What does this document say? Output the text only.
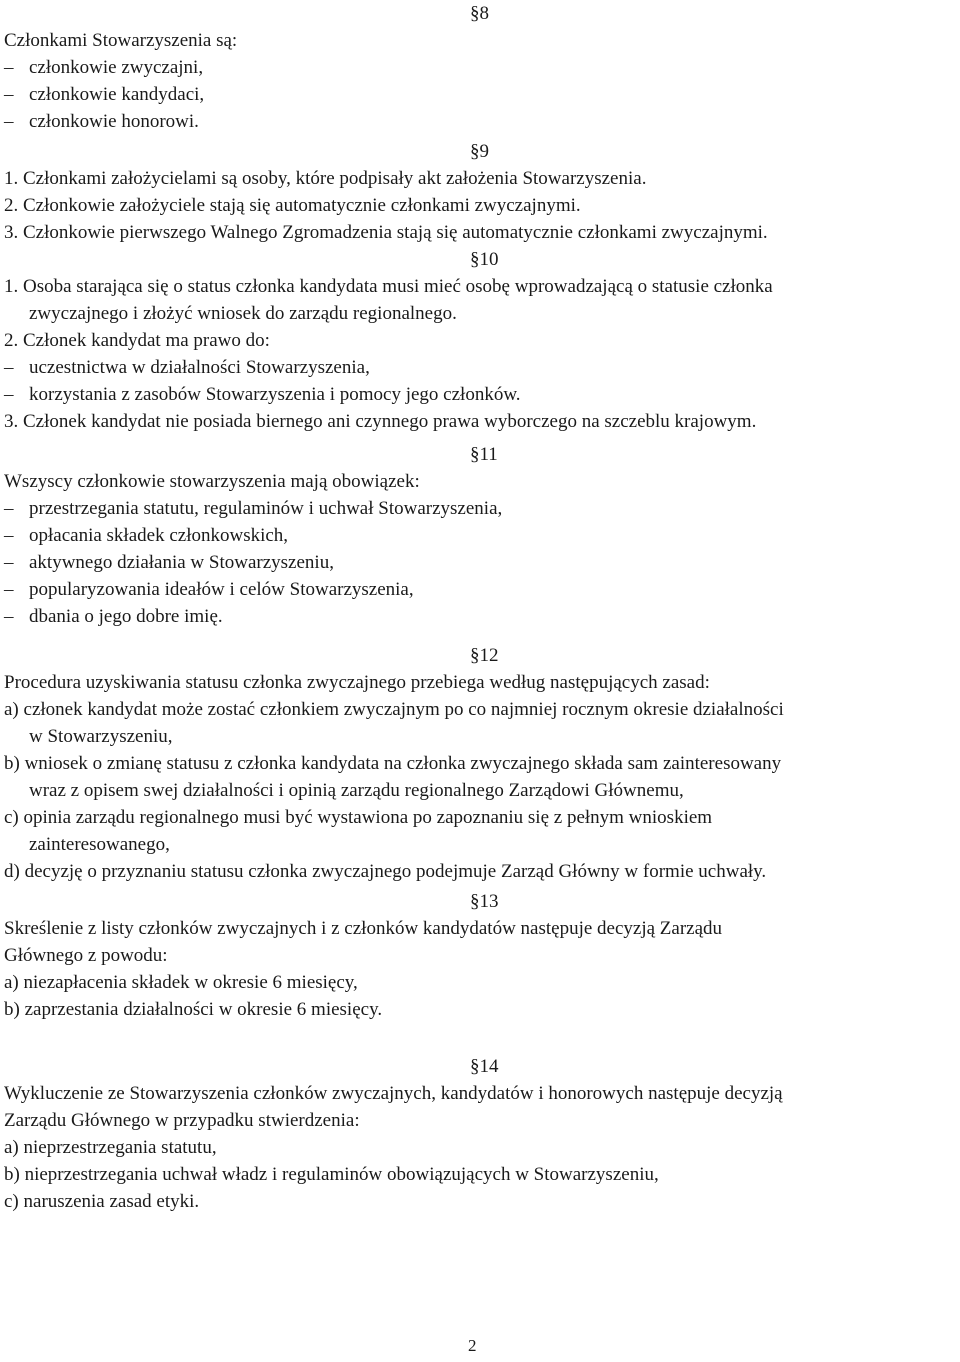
§8
Członkami Stowarzyszenia są:
– członkowie zwyczajni,
– członkowie kandydaci,
– członkowie honorowi.
§9
1. Członkami założycielami są osoby, które podpisały akt założenia Stowarzyszenia.
2. Członkowie założyciele stają się automatycznie członkami zwyczajnymi.
3. Członkowie pierwszego Walnego Zgromadzenia stają się automatycznie członkami zwyczajnymi.
§10
1. Osoba starająca się o status członka kandydata musi mieć osobę wprowadzającą o statusie członka
zwyczajnego i złożyć wniosek do zarządu regionalnego.
2. Członek kandydat ma prawo do:
– uczestnictwa w działalności Stowarzyszenia,
– korzystania z zasobów Stowarzyszenia i pomocy jego członków.
3. Członek kandydat nie posiada biernego ani czynnego prawa wyborczego na szczeblu krajowym.
§11
Wszyscy członkowie stowarzyszenia mają obowiązek:
– przestrzegania statutu, regulaminów i uchwał Stowarzyszenia,
– opłacania składek członkowskich,
– aktywnego działania w Stowarzyszeniu,
– popularyzowania ideałów i celów Stowarzyszenia,
– dbania o jego dobre imię.
§12
Procedura uzyskiwania statusu członka zwyczajnego przebiega według następujących zasad:
a) członek kandydat może zostać członkiem zwyczajnym po co najmniej rocznym okresie działalności
w Stowarzyszeniu,
b) wniosek o zmianę statusu z członka kandydata na członka zwyczajnego składa sam zainteresowany
wraz z opisem swej działalności i opinią zarządu regionalnego Zarządowi Głównemu,
c) opinia zarządu regionalnego musi być wystawiona po zapoznaniu się z pełnym wnioskiem
zainteresowanego,
d) decyzję o przyznaniu statusu członka zwyczajnego podejmuje Zarząd Główny w formie uchwały.
§13
Skreślenie z listy członków zwyczajnych i z członków kandydatów następuje decyzją Zarządu
Głównego z powodu:
a) niezapłacenia składek w okresie 6 miesięcy,
b) zaprzestania działalności w okresie 6 miesięcy.
§14
Wykluczenie ze Stowarzyszenia członków zwyczajnych, kandydatów i honorowych następuje decyzją
Zarządu Głównego w przypadku stwierdzenia:
a) nieprzestrzegania statutu,
b) nieprzestrzegania uchwał władz i regulaminów obowiązujących w Stowarzyszeniu,
c) naruszenia zasad etyki.
2
